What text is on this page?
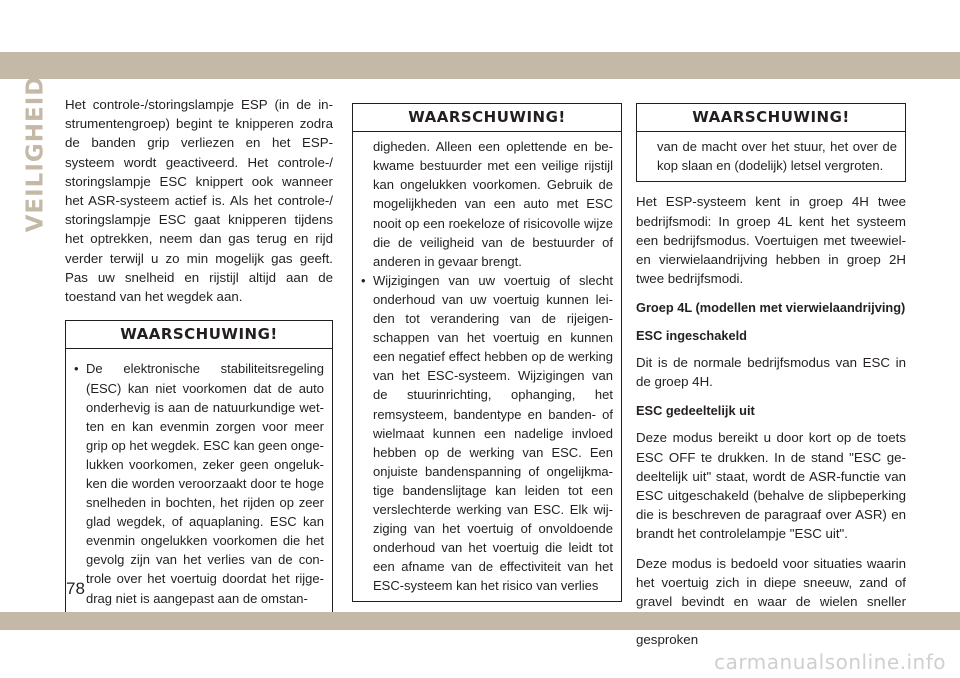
VEILIGHEID Het controle-/storingslampje ESP (in de instrumentengroep) begint te knipperen zodra de banden grip verliezen en het ESP-systeem wordt geactiveerd. Het controle-/ storingslampje ESC knippert ook wanneer het ASR-systeem actief is. Als het controle-/ storingslampje ESC gaat knipperen tijdens het optrekken, neem dan gas terug en rijd verder terwijl u zo min mogelijk gas geeft. Pas uw snelheid en rijstijl altijd aan de toestand van het wegdek aan.

WAARSCHUWING!
• De elektronische stabiliteitsregeling (ESC) kan niet voorkomen dat de auto onderhevig is aan de natuurkundige wetten en kan evenmin zorgen voor meer grip op het wegdek. ESC kan geen ongelukken voorkomen, zeker geen ongelukken die worden veroorzaakt door te hoge snelheden in bochten, het rijden op zeer glad wegdek, of aquaplaning. ESC kan evenmin ongelukken voorkomen die het gevolg zijn van het verlies van de controle over het voertuig doordat het rijgedrag niet is aangepast aan de omstan-
WAARSCHUWING!
digheden. Alleen een oplettende en bekwame bestuurder met een veilige rijstijl kan ongelukken voorkomen. Gebruik de mogelijkheden van een auto met ESC nooit op een roekeloze of risicovolle wijze die de veiligheid van de bestuurder of anderen in gevaar brengt.
• Wijzigingen van uw voertuig of slecht onderhoud van uw voertuig kunnen leiden tot verandering van de rijeigenschappen van het voertuig en kunnen een negatief effect hebben op de werking van het ESC-systeem. Wijzigingen van de stuurinrichting, ophanging, het remsysteem, bandentype en banden- of wielmaat kunnen een nadelige invloed hebben op de werking van ESC. Een onjuiste bandenspanning of ongelijkmatige bandenslijtage kan leiden tot een verslechterde werking van ESC. Elk wijziging van het voertuig of onvoldoende onderhoud van het voertuig die leidt tot een afname van de effectiviteit van het ESC-systeem kan het risico van verlies
WAARSCHUWING!
van de macht over het stuur, het over de kop slaan en (dodelijk) letsel vergroten.

Het ESP-systeem kent in groep 4H twee bedrijfsmodi: In groep 4L kent het systeem een bedrijfsmodus. Voertuigen met tweewielen vierwielaandrijving hebben in groep 2H twee bedrijfsmodi.

Groep 4L (modellen met vierwielaandrijving)

ESC ingeschakeld

Dit is de normale bedrijfsmodus van ESC in de groep 4H.

ESC gedeeltelijk uit

Deze modus bereikt u door kort op de toets ESC OFF te drukken. In de stand "ESC gedeeltelijk uit" staat, wordt de ASR-functie van ESC uitgeschakeld (behalve de slipbeperking die is beschreven de paragraaf over ASR) en brandt het controlelampje "ESC uit".

Deze modus is bedoeld voor situaties waarin het voertuig zich in diepe sneeuw, zand of gravel bevindt en waar de wielen sneller gesproken

78
carmanualsonline.info
